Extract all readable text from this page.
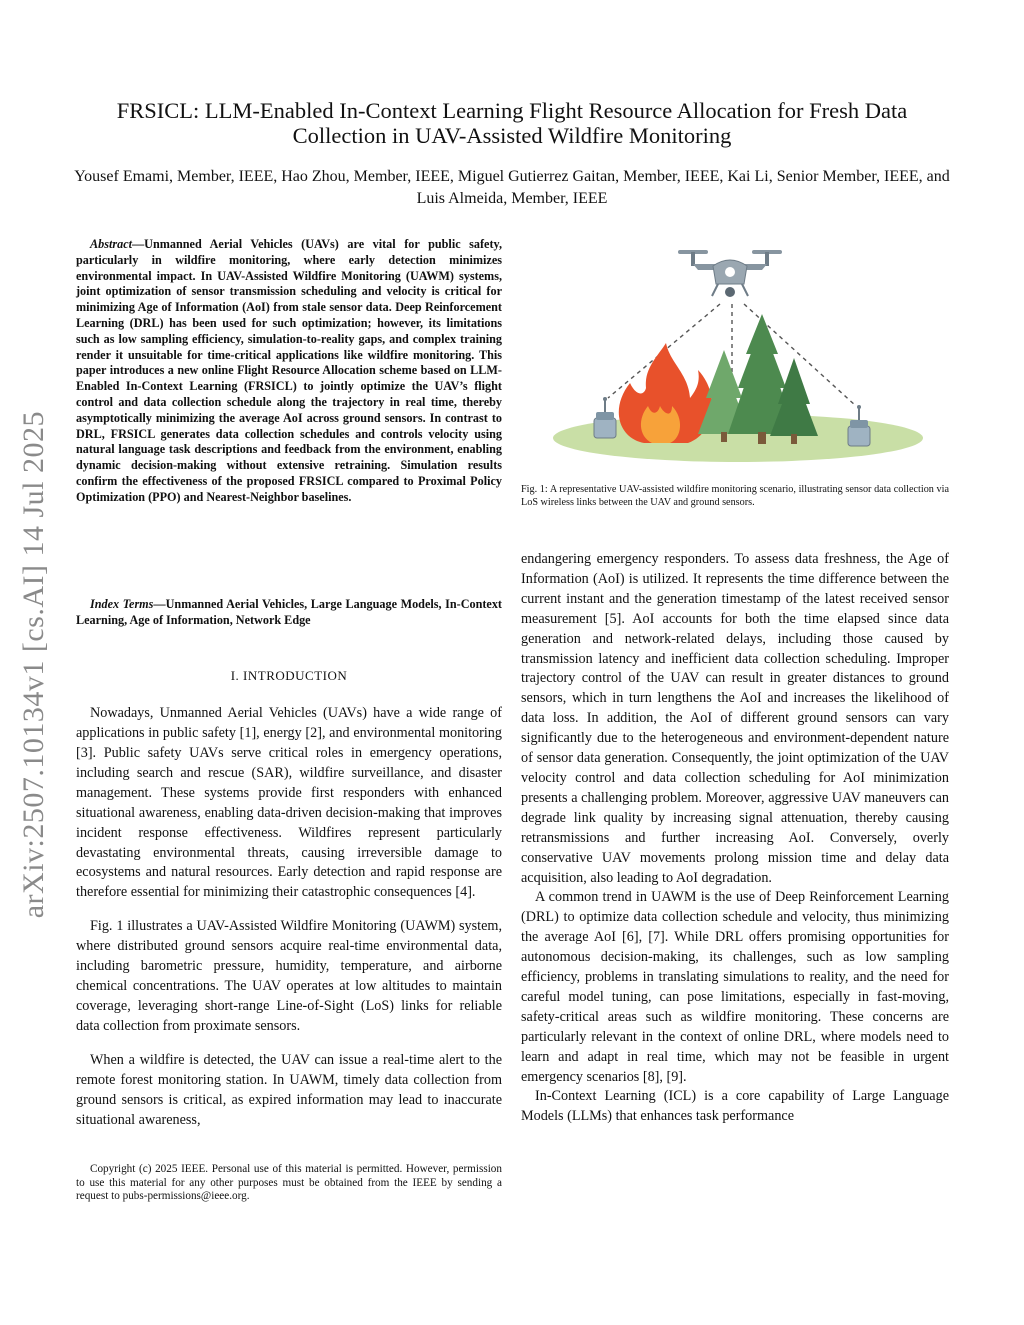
arXiv:2507.10134v1 [cs.AI] 14 Jul 2025
FRSICL: LLM-Enabled In-Context Learning Flight Resource Allocation for Fresh Data Collection in UAV-Assisted Wildfire Monitoring
Yousef Emami, Member, IEEE, Hao Zhou, Member, IEEE, Miguel Gutierrez Gaitan, Member, IEEE, Kai Li, Senior Member, IEEE, and Luis Almeida, Member, IEEE

Abstract—Unmanned Aerial Vehicles (UAVs) are vital for public safety, particularly in wildfire monitoring, where early detection minimizes environmental impact. In UAV-Assisted Wildfire Monitoring (UAWM) systems, joint optimization of sensor transmission scheduling and velocity is critical for minimizing Age of Information (AoI) from stale sensor data. Deep Reinforcement Learning (DRL) has been used for such optimization; however, its limitations such as low sampling efficiency, simulation-to-reality gaps, and complex training render it unsuitable for time-critical applications like wildfire monitoring. This paper introduces a new online Flight Resource Allocation scheme based on LLM-Enabled In-Context Learning (FRSICL) to jointly optimize the UAV’s flight control and data collection schedule along the trajectory in real time, thereby asymptotically minimizing the average AoI across ground sensors. In contrast to DRL, FRSICL generates data collection schedules and controls velocity using natural language task descriptions and feedback from the environment, enabling dynamic decision-making without extensive retraining. Simulation results confirm the effectiveness of the proposed FRSICL compared to Proximal Policy Optimization (PPO) and Nearest-Neighbor baselines.

Index Terms—Unmanned Aerial Vehicles, Large Language Models, In-Context Learning, Age of Information, Network Edge

I. INTRODUCTION

Nowadays, Unmanned Aerial Vehicles (UAVs) have a wide range of applications in public safety [1], energy [2], and environmental monitoring [3]. Public safety UAVs serve critical roles in emergency operations, including search and rescue (SAR), wildfire surveillance, and disaster management. These systems provide first responders with enhanced situational awareness, enabling data-driven decision-making that improves incident response effectiveness. Wildfires represent particularly devastating environmental threats, causing irreversible damage to ecosystems and natural resources. Early detection and rapid response are therefore essential for minimizing their catastrophic consequences [4].

Fig. 1 illustrates a UAV-Assisted Wildfire Monitoring (UAWM) system, where distributed ground sensors acquire real-time environmental data, including barometric pressure, humidity, temperature, and airborne chemical concentrations. The UAV operates at low altitudes to maintain coverage, leveraging short-range Line-of-Sight (LoS) links for reliable data collection from proximate sensors.

When a wildfire is detected, the UAV can issue a real-time alert to the remote forest monitoring station. In UAWM, timely data collection from ground sensors is critical, as expired information may lead to inaccurate situational awareness,

Copyright (c) 2025 IEEE. Personal use of this material is permitted. However, permission to use this material for any other purposes must be obtained from the IEEE by sending a request to pubs-permissions@ieee.org.

Fig. 1: A representative UAV-assisted wildfire monitoring scenario, illustrating sensor data collection via LoS wireless links between the UAV and ground sensors.

endangering emergency responders. To assess data freshness, the Age of Information (AoI) is utilized. It represents the time difference between the current instant and the generation timestamp of the latest received sensor measurement [5]. AoI accounts for both the time elapsed since data generation and network-related delays, including those caused by transmission latency and inefficient data collection scheduling. Improper trajectory control of the UAV can result in greater distances to ground sensors, which in turn lengthens the AoI and increases the likelihood of data loss. In addition, the AoI of different ground sensors can vary significantly due to the heterogeneous and environment-dependent nature of sensor data generation. Consequently, the joint optimization of the UAV velocity control and data collection scheduling for AoI minimization presents a challenging problem. Moreover, aggressive UAV maneuvers can degrade link quality by increasing signal attenuation, thereby causing retransmissions and further increasing AoI. Conversely, overly conservative UAV movements prolong mission time and delay data acquisition, also leading to AoI degradation.

A common trend in UAWM is the use of Deep Reinforcement Learning (DRL) to optimize data collection schedule and velocity, thus minimizing the average AoI [6], [7]. While DRL offers promising opportunities for autonomous decision-making, its challenges, such as low sampling efficiency, problems in translating simulations to reality, and the need for careful model tuning, can pose limitations, especially in fast-moving, safety-critical areas such as wildfire monitoring. These concerns are particularly relevant in the context of online DRL, where models need to learn and adapt in real time, which may not be feasible in urgent emergency scenarios [8], [9].

In-Context Learning (ICL) is a core capability of Large Language Models (LLMs) that enhances task performance
